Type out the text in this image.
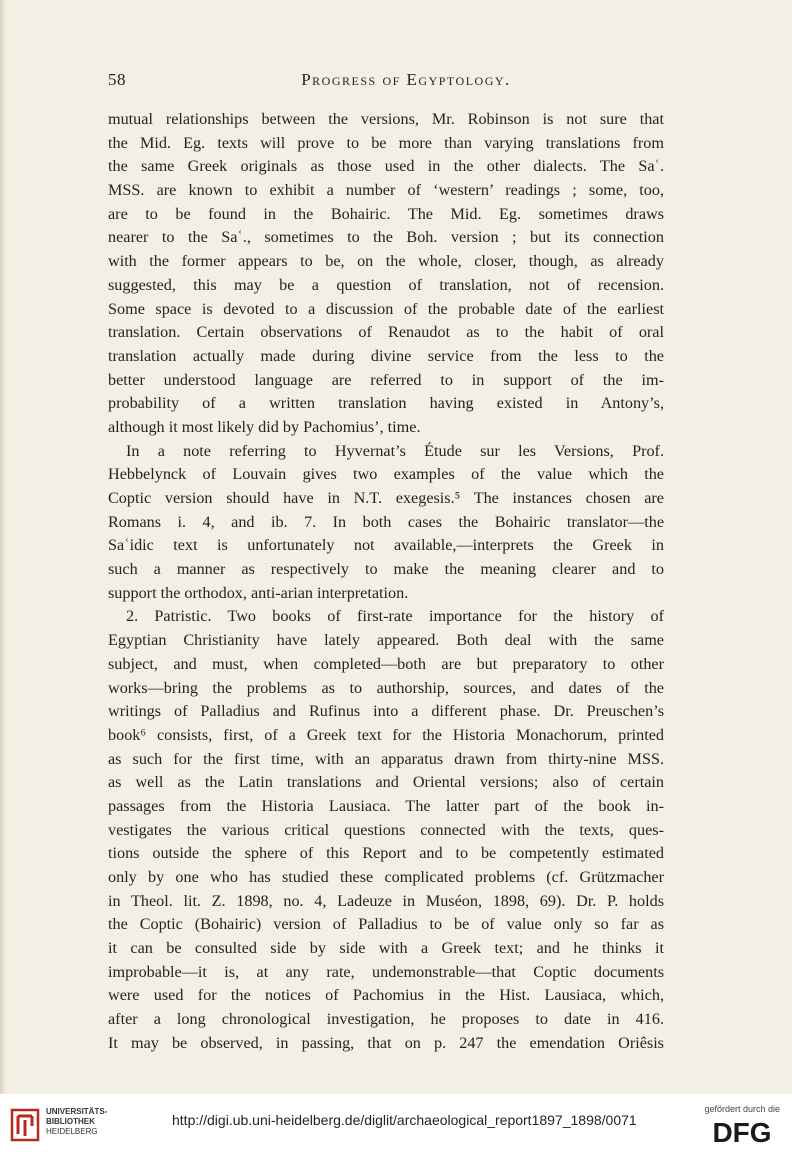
58	Progress of Egyptology.
mutual relationships between the versions, Mr. Robinson is not sure that
the Mid. Eg. texts will prove to be more than varying translations from
the same Greek originals as those used in the other dialects. The Saʿ.
MSS. are known to exhibit a number of ‘western’ readings ; some, too,
are to be found in the Bohairic. The Mid. Eg. sometimes draws
nearer to the Saʿ., sometimes to the Boh. version ; but its connection
with the former appears to be, on the whole, closer, though, as already
suggested, this may be a question of translation, not of recension.
Some space is devoted to a discussion of the probable date of the earliest
translation. Certain observations of Renaudot as to the habit of oral
translation actually made during divine service from the less to the
better understood language are referred to in support of the im-
probability of a written translation having existed in Antony’s,
although it most likely did by Pachomius’, time.
In a note referring to Hyvernat’s Étude sur les Versions, Prof.
Hebbelynck of Louvain gives two examples of the value which the
Coptic version should have in N.T. exegesis.⁵ The instances chosen are
Romans i. 4, and ib. 7. In both cases the Bohairic translator—the
Saʿidic text is unfortunately not available,—interprets the Greek in
such a manner as respectively to make the meaning clearer and to
support the orthodox, anti-arian interpretation.
2. Patristic. Two books of first-rate importance for the history of
Egyptian Christianity have lately appeared. Both deal with the same
subject, and must, when completed—both are but preparatory to other
works—bring the problems as to authorship, sources, and dates of the
writings of Palladius and Rufinus into a different phase. Dr. Preuschen’s
book⁶ consists, first, of a Greek text for the Historia Monachorum, printed
as such for the first time, with an apparatus drawn from thirty-nine MSS.
as well as the Latin translations and Oriental versions; also of certain
passages from the Historia Lausiaca. The latter part of the book in-
vestigates the various critical questions connected with the texts, ques-
tions outside the sphere of this Report and to be competently estimated
only by one who has studied these complicated problems (cf. Grützmacher
in Theol. lit. Z. 1898, no. 4, Ladeuze in Muséon, 1898, 69). Dr. P. holds
the Coptic (Bohairic) version of Palladius to be of value only so far as
it can be consulted side by side with a Greek text; and he thinks it
improbable—it is, at any rate, undemonstrable—that Coptic documents
were used for the notices of Pachomius in the Hist. Lausiaca, which,
after a long chronological investigation, he proposes to date in 416.
It may be observed, in passing, that on p. 247 the emendation Oriêsis
UNIVERSITÄTS-
BIBLIOTHEK
HEIDELBERG
http://digi.ub.uni-heidelberg.de/diglit/archaeological_report1897_1898/0071
gefördert durch die
DFG
